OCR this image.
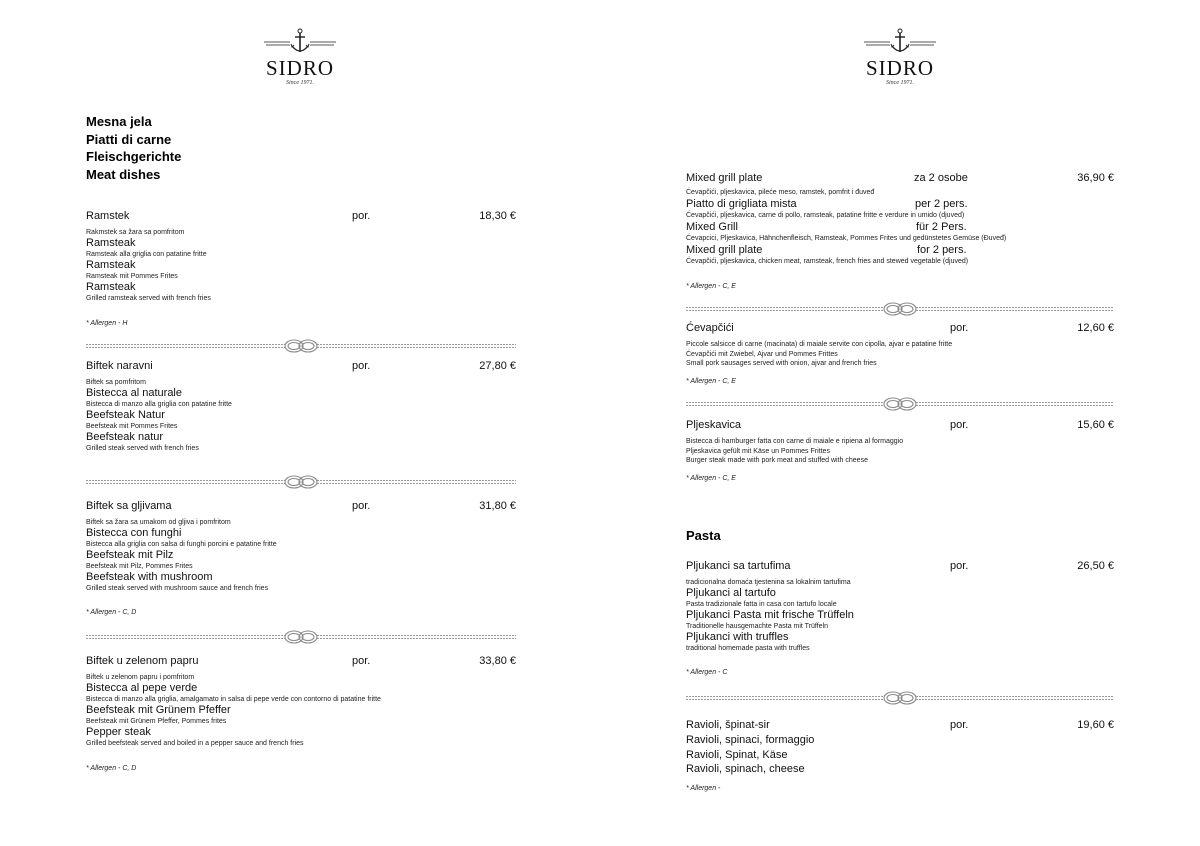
SIDRO
Since 1971.
Mesna jela
Piatti di carne
Fleischgerichte
Meat dishes
Ramstek	por.	18,30 €
Rakmstek sa žara sa pomfritom
Ramsteak
Ramsteak alla griglia con patatine fritte
Ramsteak
Ramsteak mit Pommes Frites
Ramsteak
Grilled ramsteak served with french fries
* Allergen - H
Biftek naravni	por.	27,80 €
Biftek sa pomfritom
Bistecca al naturale
Bistecca di manzo alla griglia con patatine fritte
Beefsteak Natur
Beefsteak mit Pommes Frites
Beefsteak natur
Grilled steak served with french fries
Biftek sa gljivama	por.	31,80 €
Biftek sa žara sa umakom od gljiva i pomfritom
Bistecca con funghi
Bistecca alla griglia con salsa di funghi porcini e patatine fritte
Beefsteak mit Pilz
Beefsteak mit Pilz, Pommes Frites
Beefsteak with mushroom
Grilled steak served with mushroom sauce and french fries
* Allergen - C, D
Biftek u zelenom papru	por.	33,80 €
Biftek u zelenom papru i pomfritom
Bistecca al pepe verde
Bistecca di manzo alla griglia, amalgamato in salsa di pepe verde con contorno di patatine fritte
Beefsteak mit Grünem Pfeffer
Beefsteak mit Grünem Pfeffer, Pommes frites
Pepper steak
Grilled beefsteak served and boiled in a pepper sauce and french fries
* Allergen - C, D
SIDRO
Since 1971.
Mixed grill plate	za 2 osobe	36,90 €
Ćevapčići, pljeskavica, pileće meso, ramstek, pomfrit i đuveđ
Piatto di grigliata mista	per 2 pers.
Ćevapčići, pljeskavica, carne di pollo, ramsteak, patatine fritte e verdure in umido (djuved)
Mixed Grill	für 2 Pers.
Ćevapcici, Pljeskavica, Hähnchenfleisch, Ramsteak, Pommes Frites und gedünstetes Gemüse (Đuveđ)
Mixed grill plate	for 2 pers.
Ćevapčići, pljeskavica, chicken meat, ramsteak, french fries and stewed vegetable (djuved)
* Allergen - C, E
Ćevapčići	por.	12,60 €
Piccole salsicce di carne (macinata) di maiale servite con cipolla, ajvar e patatine fritte
Ćevapčići mit Zwiebel, Ajvar und Pommes Frittes
Small pork sausages served with onion, ajvar and french fries
* Allergen - C, E
Pljeskavica	por.	15,60 €
Bistecca di hamburger fatta con carne di maiale e ripiena al formaggio
Pljeskavica gefült mit Käse un Pommes Frittes
Burger steak made with pork meat and stuffed with cheese
* Allergen - C, E
Pasta
Pljukanci sa tartufima	por.	26,50 €
tradicionalna domaća tjestenina sa lokalnim tartufima
Pljukanci al tartufo
Pasta tradizionale fatta in casa con tartufo locale
Pljukanci Pasta mit frische Trüffeln
Traditionelle hausgemachte Pasta mit Trüffeln
Pljukanci with truffles
traditional homemade pasta with truffles
* Allergen - C
Ravioli, špinat-sir	por.	19,60 €
Ravioli, spinaci, formaggio
Ravioli, Spinat, Käse
Ravioli, spinach, cheese
* Allergen -
